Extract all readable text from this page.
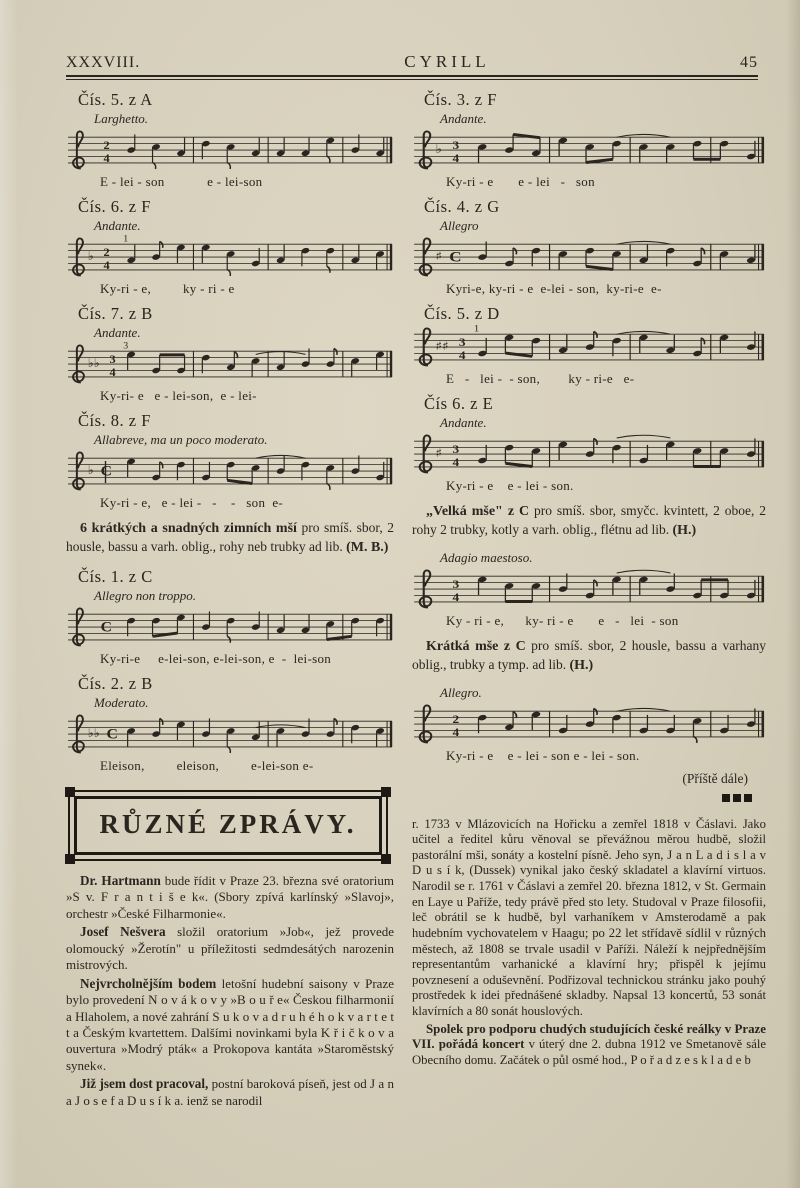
XXXVIII.	CYRILL	45
Čís. 5. z A
Larghetto.
2
4
E - lei - son            e - lei-son
Čís. 6. z F
Andante.
♭ 2
4
1
Ky-ri - e,         ky - ri - e
Čís. 7. z B
Andante.
♭♭ 3
4
3
Ky-ri- e   e - lei-son,  e - lei-
Čís. 8. z F
Allabreve, ma un poco moderato.
♭ C
Ky-ri - e,   e - lei -   -    -   son  e-

6 krátkých a snadných zimních mší pro smíš. sbor, 2 housle, bassu a varh. oblig., rohy neb trubky ad lib. (M. B.)

Čís. 1. z C
Allegro non troppo.
C
Ky-ri-e     e-lei-son, e-lei-son, e  -  lei-son
Čís. 2. z B
Moderato.
♭♭ C
Eleison,         eleison,         e-lei-son e-
RŮZNÉ ZPRÁVY.

Dr. Hartmann bude řídit v Praze 23. března své oratorium »S v. F r a n t i š e k«. (Sbory zpívá karlínský »Slavoj», orchestr »České Filharmonie«.

Josef Nešvera složil oratorium »Job«, jež provede olomoucký »Žerotín" u příležitosti sedmdesátých narozenin mistrových.

Nejvrcholnějším bodem letošní hudební saisony v Praze bylo provedení N o v á k o v y »B o u ř e« Českou filharmonií a Hlaholem, a nové zahrání S u k o v a d r u h é h o k v a r t e t t a Českým kvartettem. Dalšími novinkami byla K ř i č k o v a ouvertura »Modrý pták« a Prokopova kantáta »Staroměstský synek«.

Již jsem dost pracoval, postní baroková píseň, jest od J a n a J o s e f a D u s í k a. ienž se narodil

Čís. 3. z F
Andante.
♭ 3
4
Ky-ri - e       e - lei   -   son
Čís. 4. z G
Allegro
♯ C
Kyri-e, ky-ri - e  e-lei - son,  ky-ri-e  e-
Čís. 5. z D
♯♯ 3
4
1
E   -   lei -  - son,        ky - ri-e   e-
Čís 6. z E
Andante.
♯ 3
4
Ky-ri - e    e - lei - son.

„Velká mše" z C pro smíš. sbor, smyčc. kvintett, 2 oboe, 2 rohy 2 trubky, kotly a varh. oblig., flétnu ad lib. (H.)

Adagio maestoso.
3
4
Ky - ri - e,      ky- ri - e       e   -   lei  - son

Krátká mše z C pro smíš. sbor, 2 housle, bassu a varhany oblig., trubky a tymp. ad lib. (H.)

Allegro.
2
4
Ky-ri - e    e - lei - son e - lei - son.
(Příště dále)

r. 1733 v Mlázovicích na Hořicku a zemřel 1818 v Čáslavi. Jako učitel a ředitel kůru věnoval se převážnou měrou hudbě, složil pastorální mši, sonáty a kostelní písně. Jeho syn, J a n L a d i s l a v D u s í k, (Dussek) vynikal jako český skladatel a klavírní virtuos. Narodil se r. 1761 v Čáslavi a zemřel 20. března 1812, v St. Germain en Laye u Paříže, tedy právě před sto lety. Studoval v Praze filosofii, leč obrátil se k hudbě, byl varhaníkem v Amsterodamě a pak hudebním vychovatelem v Haagu; po 22 let střídavě sídlil v různých městech, až 1808 se trvale usadil v Paříži. Náleží k nejpřednějším representantům varhanické a klavírní hry; přispěl k jejímu povznesení a oduševnění. Podřizoval technickou stránku jako pouhý prostředek k idei přednášené skladby. Napsal 13 koncertů, 53 sonát klavírních a 80 sonát houslových.

Spolek pro podporu chudých studujících české reálky v Praze VII. pořádá koncert v úterý dne 2. dubna 1912 ve Smetanově sále Obecního domu. Začátek o půl osmé hod., P o ř a d z e s k l a d e b
